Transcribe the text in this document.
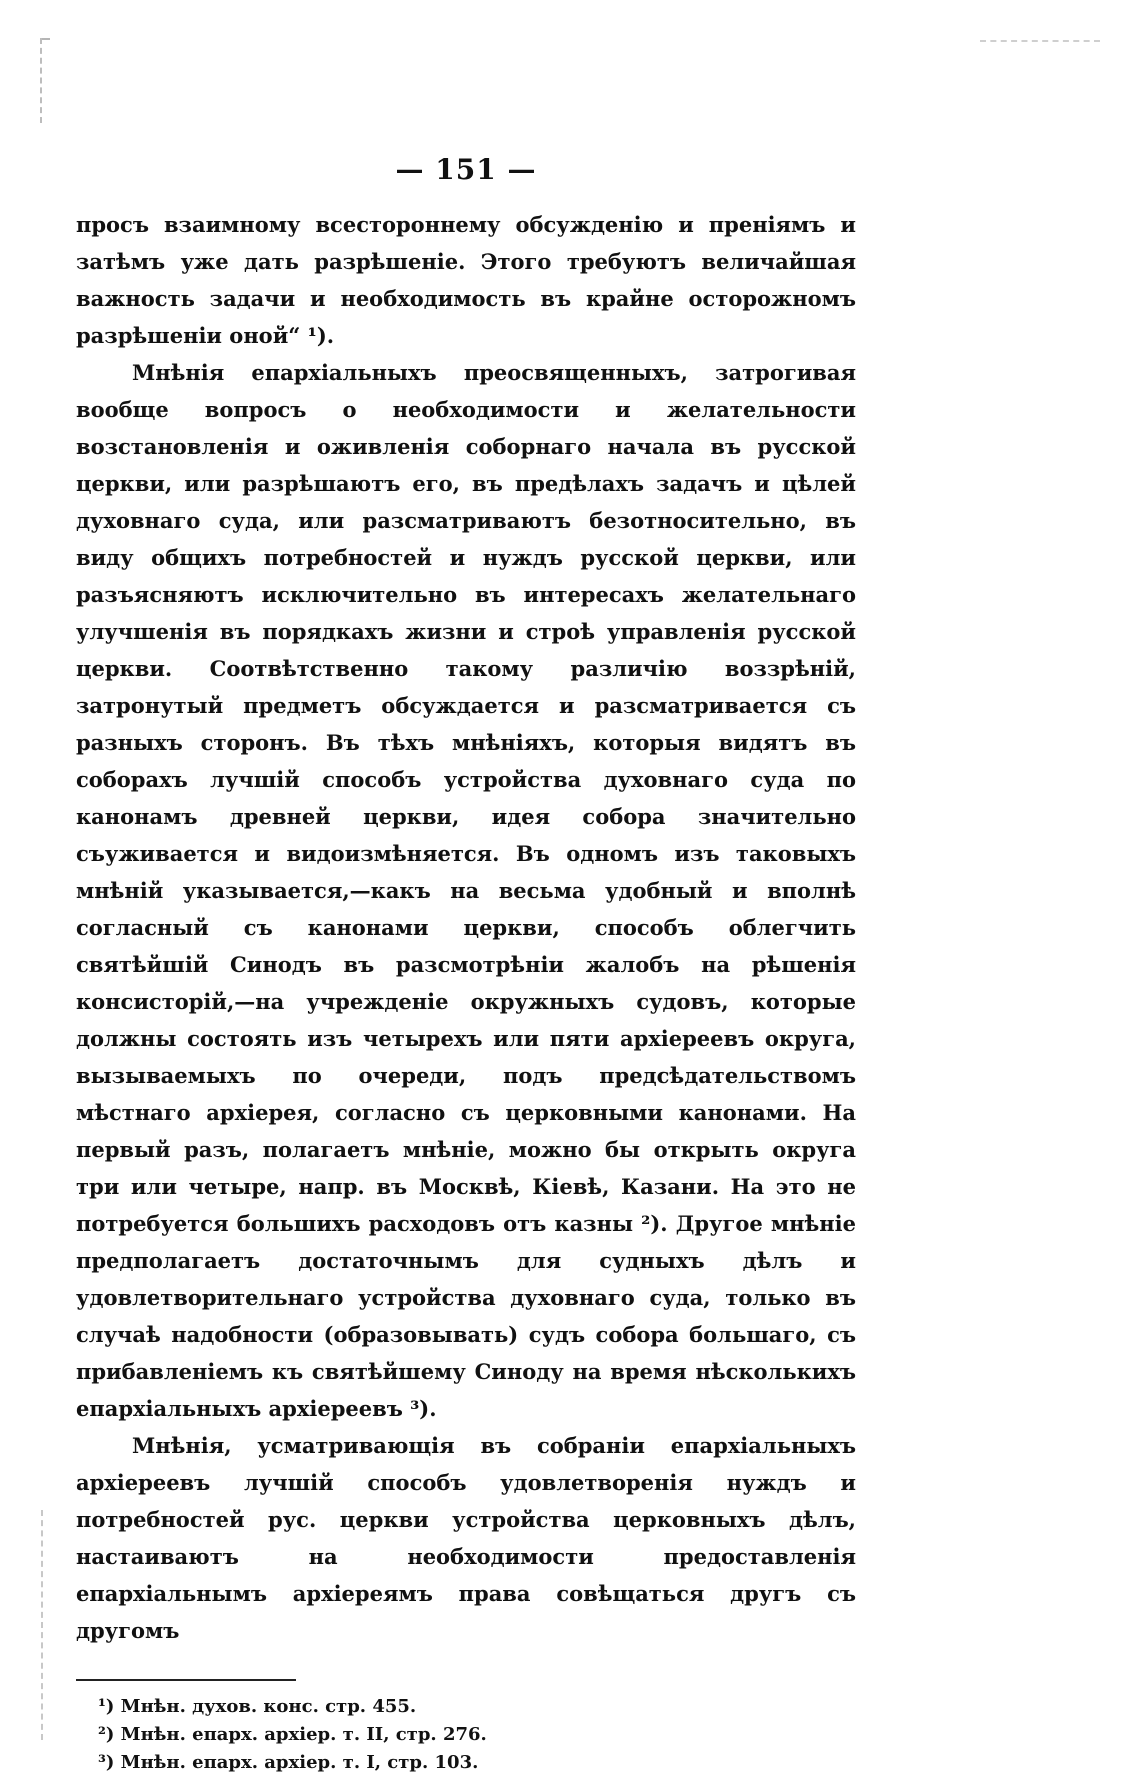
— 151 —

просъ взаимному всестороннему обсужденію и преніямъ и затѣмъ уже дать разрѣшеніе. Этого требуютъ величайшая важность задачи и необходимость въ крайне осторожномъ разрѣшеніи оной“ ¹).

Мнѣнія епархіальныхъ преосвященныхъ, затрогивая вообще вопросъ о необходимости и желательности возстановленія и оживленія соборнаго начала въ русской церкви, или разрѣшаютъ его, въ предѣлахъ задачъ и цѣлей духовнаго суда, или разсматриваютъ безотносительно, въ виду общихъ потребностей и нуждъ русской церкви, или разъясняютъ исключительно въ интересахъ желательнаго улучшенія въ порядкахъ жизни и строѣ управленія русской церкви. Соотвѣтственно такому различію воззрѣній, затронутый предметъ обсуждается и разсматривается съ разныхъ сторонъ. Въ тѣхъ мнѣніяхъ, которыя видятъ въ соборахъ лучшій способъ устройства духовнаго суда по канонамъ древней церкви, идея собора значительно съуживается и видоизмѣняется. Въ одномъ изъ таковыхъ мнѣній указывается,—какъ на весьма удобный и вполнѣ согласный съ канонами церкви, способъ облегчить святѣйшій Синодъ въ разсмотрѣніи жалобъ на рѣшенія консисторій,—на учрежденіе окружныхъ судовъ, которые должны состоять изъ четырехъ или пяти архіереевъ округа, вызываемыхъ по очереди, подъ предсѣдательствомъ мѣстнаго архіерея, согласно съ церковными канонами. На первый разъ, полагаетъ мнѣніе, можно бы открыть округа три или четыре, напр. въ Москвѣ, Кіевѣ, Казани. На это не потребуется большихъ расходовъ отъ казны ²). Другое мнѣніе предполагаетъ достаточнымъ для судныхъ дѣлъ и удовлетворительнаго устройства духовнаго суда, только въ случаѣ надобности (образовывать) судъ собора большаго, съ прибавленіемъ къ святѣйшему Синоду на время нѣсколькихъ епархіальныхъ архіереевъ ³).

Мнѣнія, усматривающія въ собраніи епархіальныхъ архіереевъ лучшій способъ удовлетворенія нуждъ и потребностей рус. церкви устройства церковныхъ дѣлъ, настаиваютъ на необходимости предоставленія епархіальнымъ архіереямъ права совѣщаться другъ съ другомъ

¹) Мнѣн. духов. конс. стр. 455.
²) Мнѣн. епарх. архіер. т. II, стр. 276.
³) Мнѣн. епарх. архіер. т. I, стр. 103.
